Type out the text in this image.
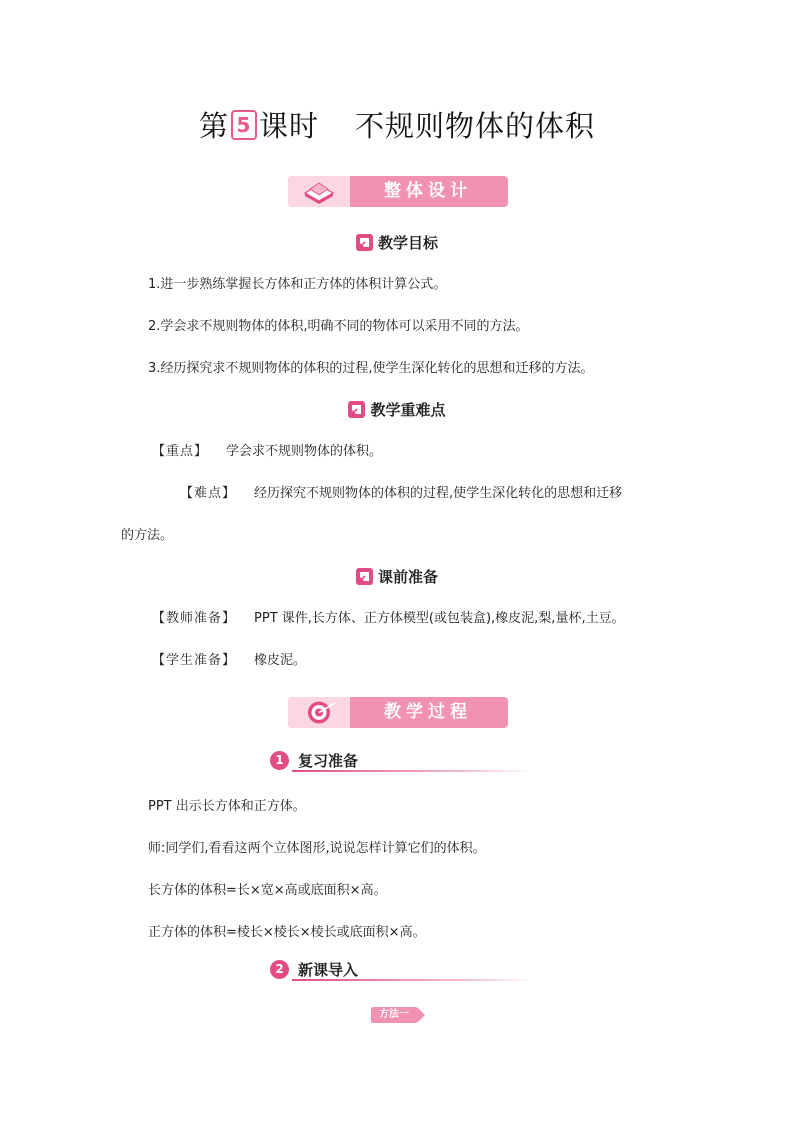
第 5 课时 不规则物体的体积
整体设计
教学目标
1.进一步熟练掌握长方体和正方体的体积计算公式。
2.学会求不规则物体的体积,明确不同的物体可以采用不同的方法。
3.经历探究求不规则物体的体积的过程,使学生深化转化的思想和迁移的方法。
教学重难点
【重点】 学会求不规则物体的体积。
【难点】 经历探究不规则物体的体积的过程,使学生深化转化的思想和迁移
的方法。
课前准备
【教师准备】 PPT 课件,长方体、正方体模型(或包装盒),橡皮泥,梨,量杯,土豆。
【学生准备】 橡皮泥。
教学过程
1 复习准备
PPT 出示长方体和正方体。
师:同学们,看看这两个立体图形,说说怎样计算它们的体积。
长方体的体积=长×宽×高或底面积×高。
正方体的体积=棱长×棱长×棱长或底面积×高。
2 新课导入
方法一
